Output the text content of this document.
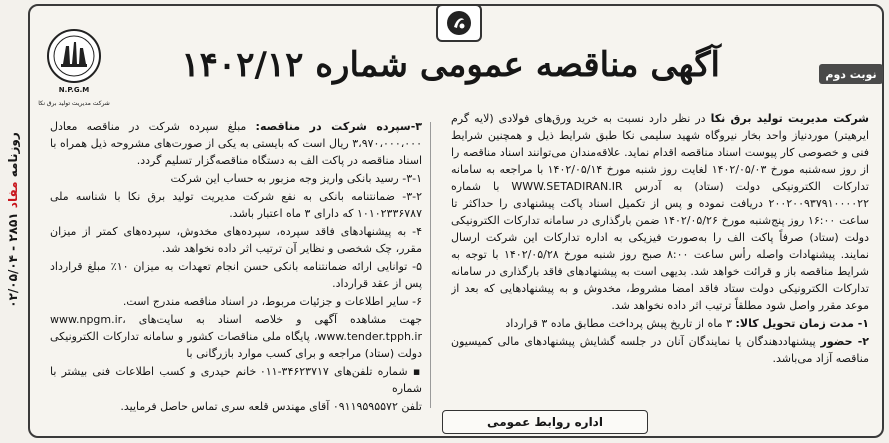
روزنامه مفاد ۲۸۵۱ - ۰۲/۰۵/۰۴
نوبت دوم
آگهی مناقصه عمومی شماره ۱۴۰۲/۱۲
N.P.G.M
شرکت مدیریت تولید برق نکا

شرکت مدیریت تولید برق نکا در نظر دارد نسبت به خرید ورق‌های فولادی (لایه گرم ایرهیتر) موردنیاز واحد بخار نیروگاه شهید سلیمی نکا طبق شرایط ذیل و همچنین شرایط فنی و خصوصی کار پیوست اسناد مناقصه اقدام نماید. علاقه‌مندان می‌توانند اسناد مناقصه را از روز سه‌شنبه مورخ ۱۴۰۲/۰۵/۰۳ لغایت روز شنبه مورخ ۱۴۰۲/۰۵/۱۴ با مراجعه به سامانه تدارکات الکترونیکی دولت (ستاد) به آدرس WWW.SETADIRAN.IR با شماره ۲۰۰۲۰۰۹۳۷۹۱۰۰۰۰۲۲ دریافت نموده و پس از تکمیل اسناد پاکت پیشنهادی را حداکثر تا ساعت ۱۶:۰۰ روز پنج‌شنبه مورخ ۱۴۰۲/۰۵/۲۶ ضمن بارگذاری در سامانه تدارکات الکترونیکی دولت (ستاد) صرفاً پاکت الف را به‌صورت فیزیکی به اداره تدارکات این شرکت ارسال نمایند. پیشنهادات واصله رأس ساعت ۸:۰۰ صبح روز شنبه مورخ ۱۴۰۲/۰۵/۲۸ با توجه به شرایط مناقصه باز و قرائت خواهد شد. بدیهی است به پیشنهادهای فاقد بارگذاری در سامانه تدارکات الکترونیکی دولت ستاد فاقد امضا مشروط، مخدوش و به پیشنهادهایی که بعد از موعد مقرر واصل شود مطلقاً ترتیب اثر داده نخواهد شد.

۱- مدت زمان تحویل کالا: ۳ ماه از تاریخ پیش پرداخت مطابق ماده ۳ قرارداد

۲- حضور پیشنهاددهندگان یا نمایندگان آنان در جلسه گشایش پیشنهادهای مالی کمیسیون مناقصه آزاد می‌باشد.

۳-سپرده شرکت در مناقصه: مبلغ سپرده شرکت در مناقصه معادل ۳،۹۷۰،۰۰۰،۰۰۰ ریال است که بایستی به یکی از صورت‌های مشروحه ذیل همراه با اسناد مناقصه در پاکت الف به دستگاه مناقصه‌گزار تسلیم گردد.

۳-۱- رسید بانکی واریز وجه مزبور به حساب این شرکت

۳-۲- ضمانتنامه بانکی به نفع شرکت مدیریت تولید برق نکا با شناسه ملی ۱۰۱۰۲۳۳۶۷۸۷ که دارای ۳ ماه اعتبار باشد.

۴- به پیشنهادهای فاقد سپرده، سپرده‌های مخدوش، سپرده‌های کمتر از میزان مقرر، چک شخصی و نظایر آن ترتیب اثر داده نخواهد شد.

۵- توانایی ارائه ضمانتنامه بانکی حسن انجام تعهدات به میزان ۱۰٪ مبلغ قرارداد پس از عقد قرارداد.

۶- سایر اطلاعات و جزئیات مربوط، در اسناد مناقصه مندرج است.

جهت مشاهده آگهی و خلاصه اسناد به سایت‌های www.npgm.ir، www.tender.tpph.ir، پایگاه ملی مناقصات کشور و سامانه تدارکات الکترونیکی دولت (ستاد) مراجعه و برای کسب موارد بازرگانی با

▪ شماره تلفن‌های ۳۴۶۲۳۷۱۷-۰۱۱ خانم حیدری و کسب اطلاعات فنی بیشتر با شماره

تلفن ۰۹۱۱۹۵۹۵۵۷۲ آقای مهندس قلعه سری تماس حاصل فرمایید.

اداره روابط عمومی
